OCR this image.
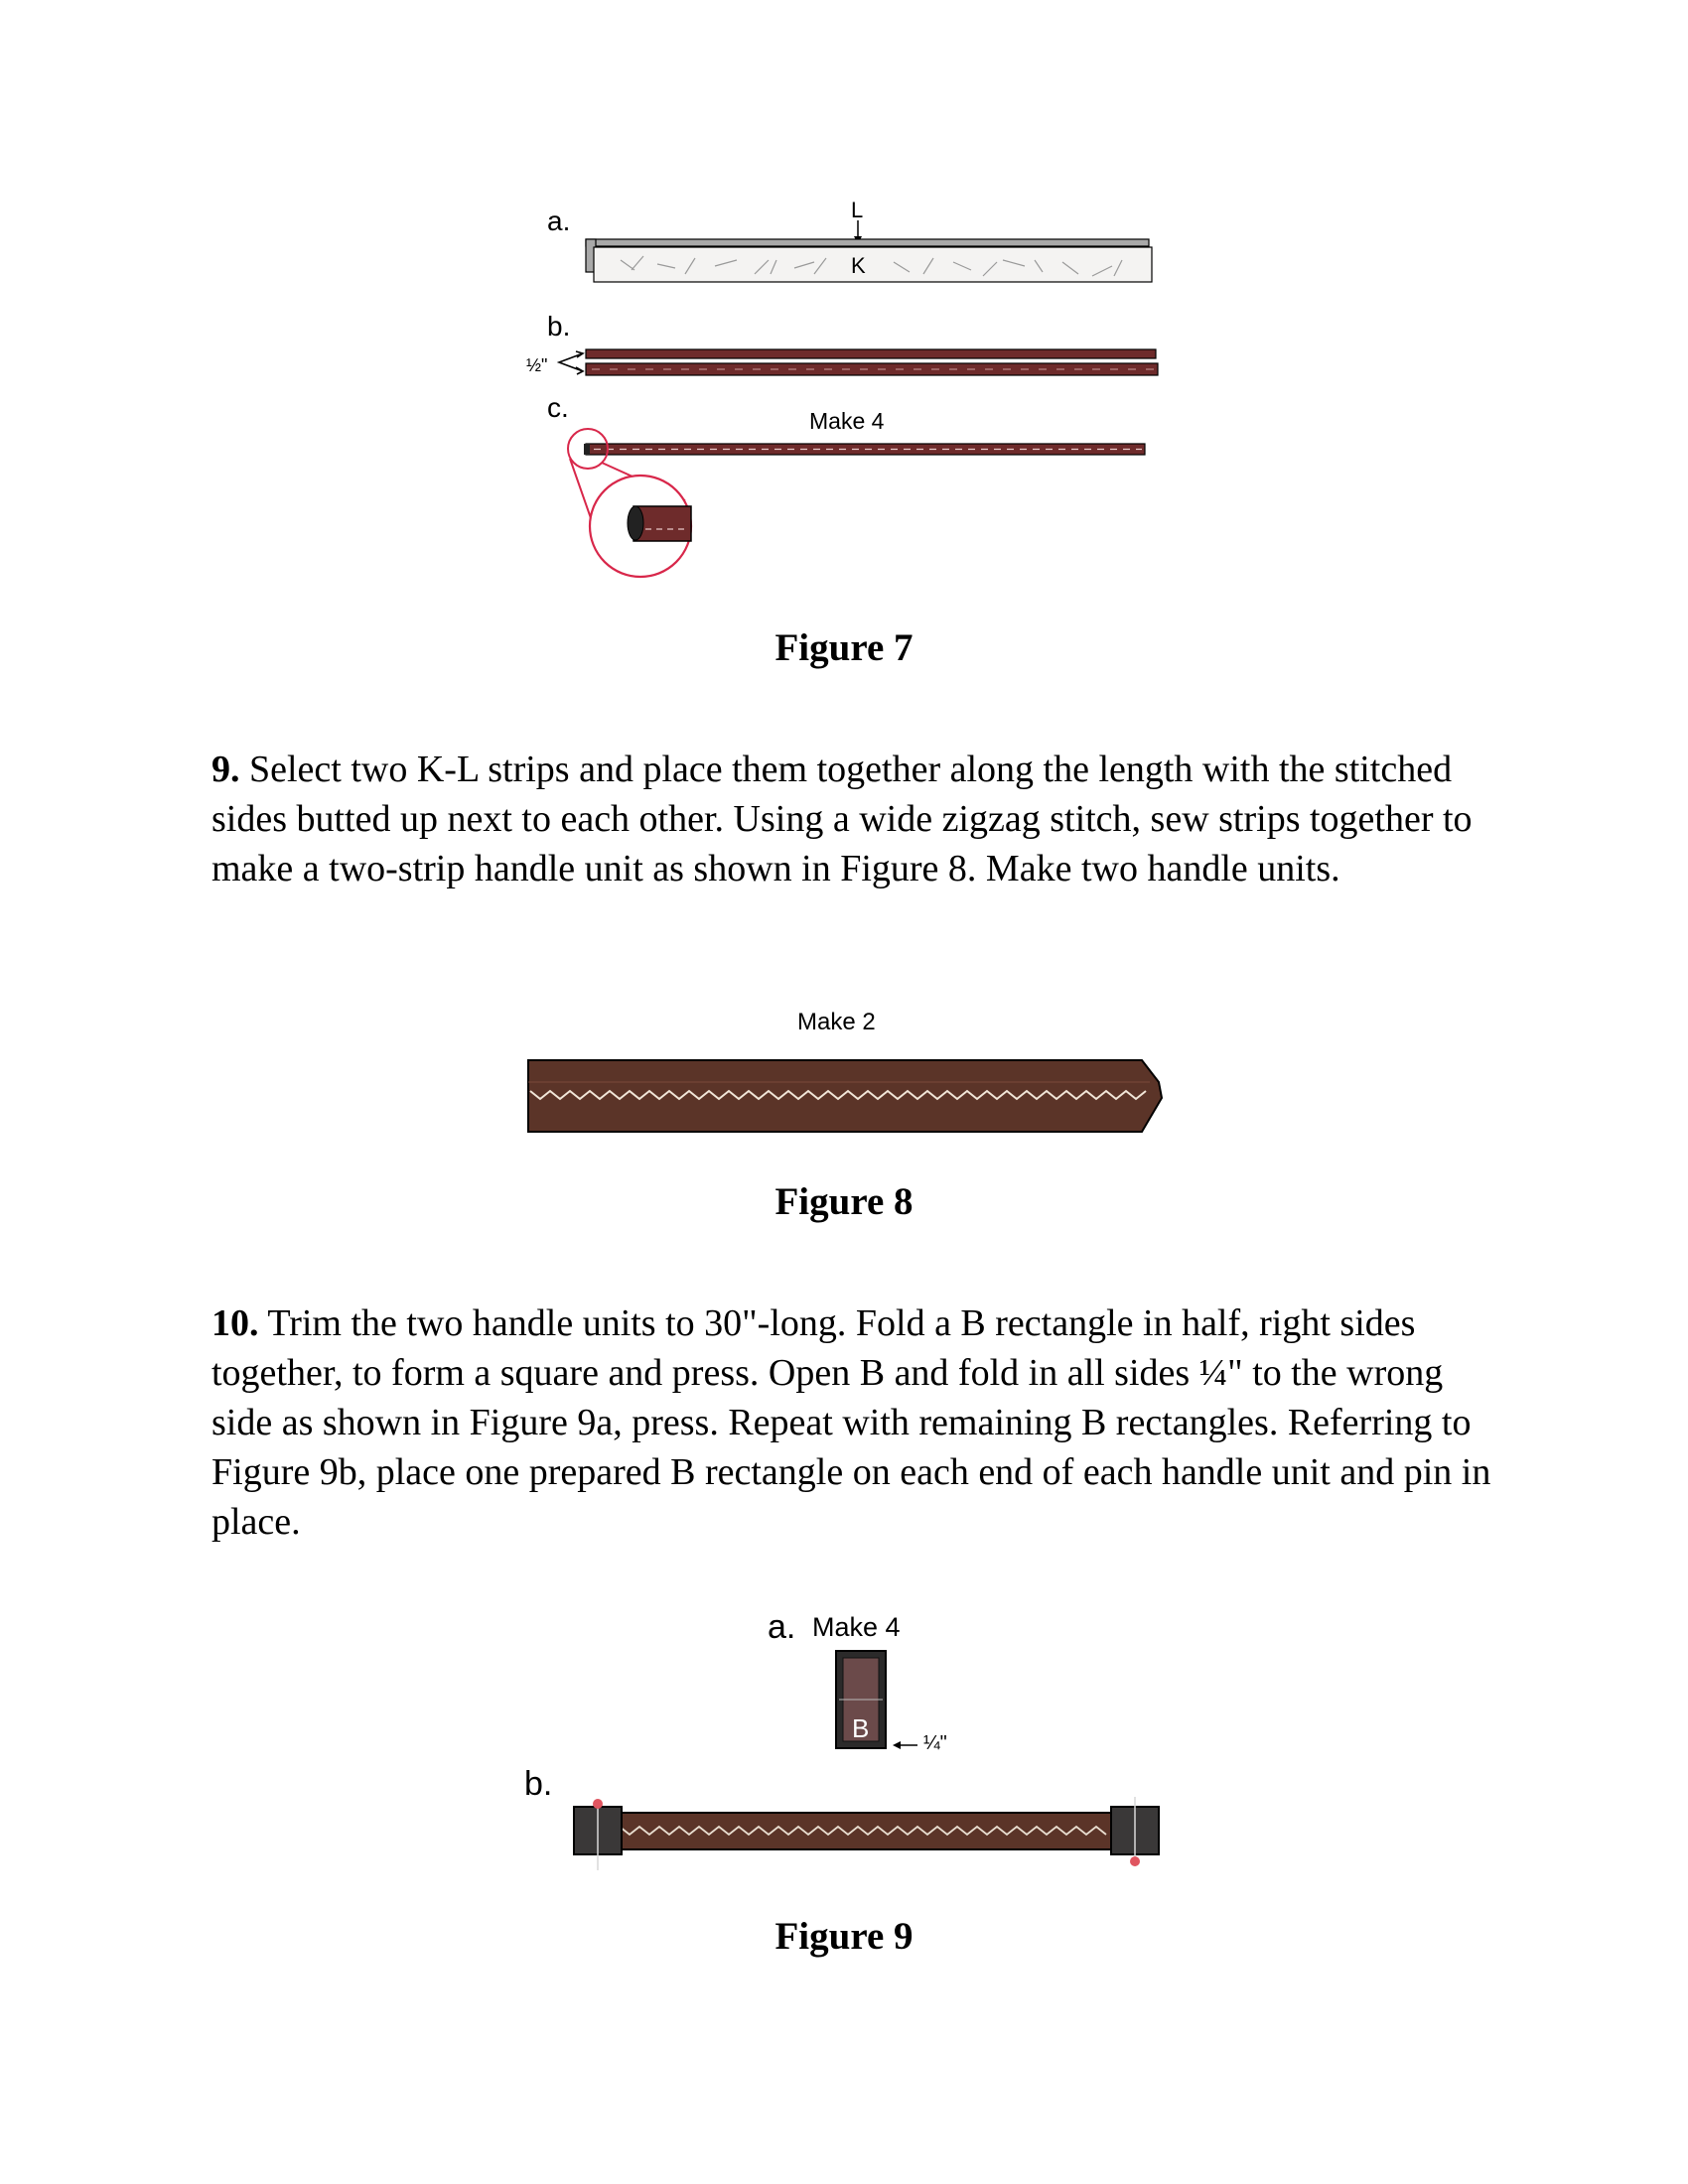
a.	L
K
b.
½"
c.	Make 4

Figure 7

9. Select two K-L strips and place them together along the length with the stitched sides butted up next to each other. Using a wide zigzag stitch, sew strips together to make a two-strip handle unit as shown in Figure 8. Make two handle units.

Make 2

Figure 8

10. Trim the two handle units to 30"-long. Fold a B rectangle in half, right sides together, to form a square and press. Open B and fold in all sides ¼" to the wrong side as shown in Figure 9a, press. Repeat with remaining B rectangles. Referring to Figure 9b, place one prepared B rectangle on each end of each handle unit and pin in place.

a. Make 4
B	¼"
b.

Figure 9
